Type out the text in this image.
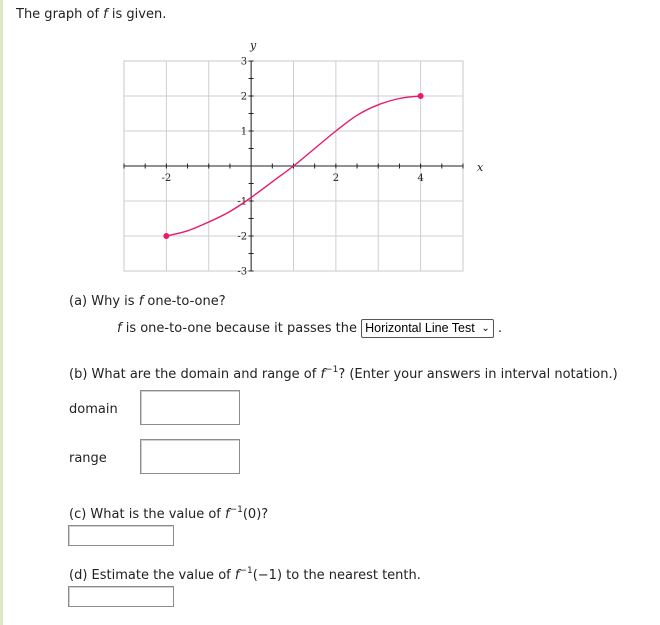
The graph of f is given.
-2	2	4
3
2
1
-1
-2
-3
x
y
(a) Why is f one-to-one?
f is one-to-one because it passes the Horizontal Line Test ⌄ .
(b) What are the domain and range of $f^{-1}$? (Enter your answers in interval notation.)
domain
range
(c) What is the value of $f^{-1}(0)$?
(d) Estimate the value of $f^{-1}(-1)$ to the nearest tenth.
